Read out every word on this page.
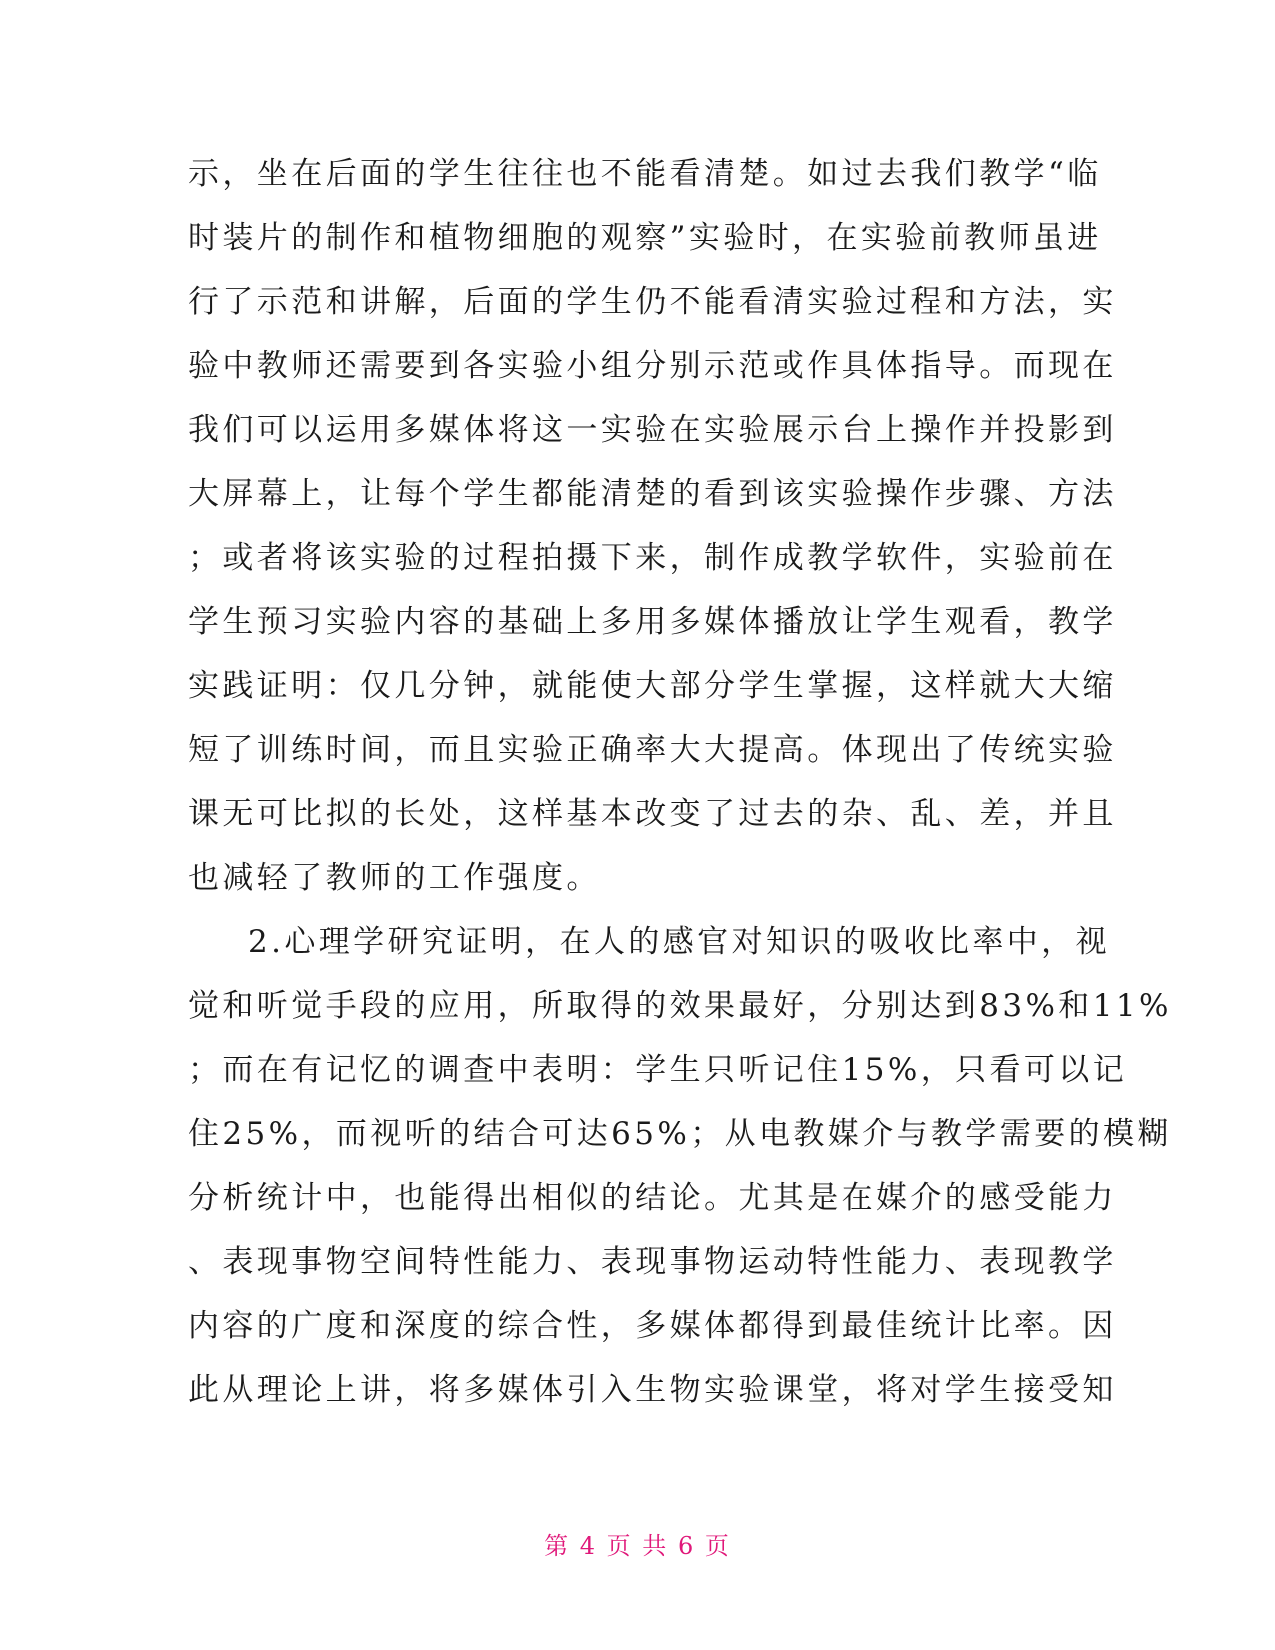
示，坐在后面的学生往往也不能看清楚。如过去我们教学“临
时装片的制作和植物细胞的观察”实验时，在实验前教师虽进
行了示范和讲解，后面的学生仍不能看清实验过程和方法，实
验中教师还需要到各实验小组分别示范或作具体指导。而现在
我们可以运用多媒体将这一实验在实验展示台上操作并投影到
大屏幕上，让每个学生都能清楚的看到该实验操作步骤、方法
；或者将该实验的过程拍摄下来，制作成教学软件，实验前在
学生预习实验内容的基础上多用多媒体播放让学生观看，教学
实践证明：仅几分钟，就能使大部分学生掌握，这样就大大缩
短了训练时间，而且实验正确率大大提高。体现出了传统实验
课无可比拟的长处，这样基本改变了过去的杂、乱、差，并且
也减轻了教师的工作强度。
2.心理学研究证明，在人的感官对知识的吸收比率中，视
觉和听觉手段的应用，所取得的效果最好，分别达到83%和11%
；而在有记忆的调查中表明：学生只听记住15%，只看可以记
住25%，而视听的结合可达65%；从电教媒介与教学需要的模糊
分析统计中，也能得出相似的结论。尤其是在媒介的感受能力
、表现事物空间特性能力、表现事物运动特性能力、表现教学
内容的广度和深度的综合性，多媒体都得到最佳统计比率。因
此从理论上讲，将多媒体引入生物实验课堂，将对学生接受知
第 4 页 共 6 页
